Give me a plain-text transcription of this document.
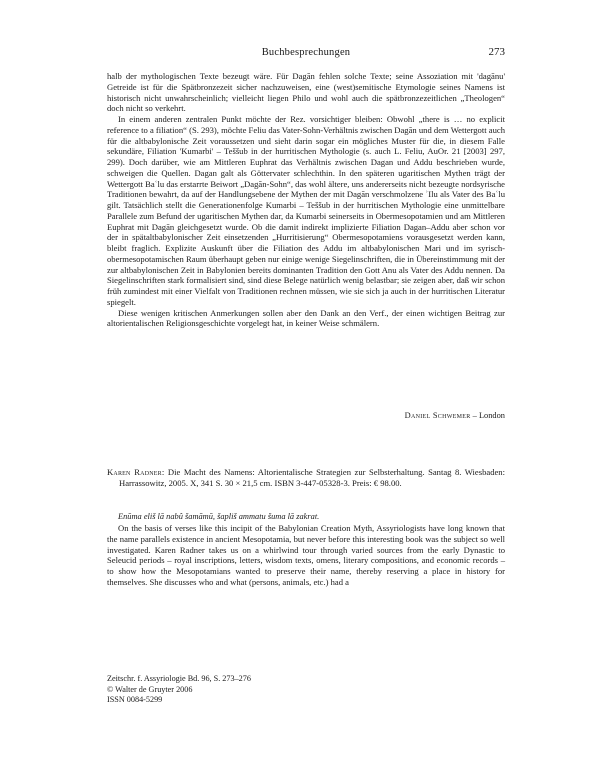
Buchbesprechungen	273

halb der mythologischen Texte bezeugt wäre. Für Dagān fehlen solche Texte; seine Assoziation mit 'dagānu' Getreide ist für die Spätbronzezeit sicher nachzuweisen, eine (west)semitische Etymologie seines Namens ist historisch nicht unwahrscheinlich; vielleicht liegen Philo und wohl auch die spätbronzezeitlichen „Theologen“ doch nicht so verkehrt.

In einem anderen zentralen Punkt möchte der Rez. vorsichtiger bleiben: Obwohl „there is … no explicit reference to a filiation“ (S. 293), möchte Feliu das Vater-Sohn-Verhältnis zwischen Dagān und dem Wettergott auch für die altbabylonische Zeit voraussetzen und sieht darin sogar ein mögliches Muster für die, in diesem Falle sekundäre, Filiation 'Kumarbi' – Teššub in der hurritischen Mythologie (s. auch L. Feliu, AuOr. 21 [2003] 297, 299). Doch darüber, wie am Mittleren Euphrat das Verhältnis zwischen Dagan und Addu beschrieben wurde, schweigen die Quellen. Dagan galt als Göttervater schlechthin. In den späteren ugaritischen Mythen trägt der Wettergott Baʿlu das erstarrte Beiwort „Dagān-Sohn“, das wohl ältere, uns andererseits nicht bezeugte nordsyrische Traditionen bewahrt, da auf der Handlungsebene der Mythen der mit Dagān verschmolzene ʾIlu als Vater des Baʿlu gilt. Tatsächlich stellt die Generationenfolge Kumarbi – Teššub in der hurritischen Mythologie eine unmittelbare Parallele zum Befund der ugaritischen Mythen dar, da Kumarbi seinerseits in Obermesopotamien und am Mittleren Euphrat mit Dagān gleichgesetzt wurde. Ob die damit indirekt implizierte Filiation Dagan–Addu aber schon vor der in spätaltbabylonischer Zeit einsetzenden „Hurritisierung“ Obermesopotamiens vorausgesetzt werden kann, bleibt fraglich. Explizite Auskunft über die Filiation des Addu im altbabylonischen Mari und im syrisch-obermesopotamischen Raum überhaupt geben nur einige wenige Siegelinschriften, die in Übereinstimmung mit der zur altbabylonischen Zeit in Babylonien bereits dominanten Tradition den Gott Anu als Vater des Addu nennen. Da Siegelinschriften stark formalisiert sind, sind diese Belege natürlich wenig belastbar; sie zeigen aber, daß wir schon früh zumindest mit einer Vielfalt von Traditionen rechnen müssen, wie sie sich ja auch in der hurritischen Literatur spiegelt.

Diese wenigen kritischen Anmerkungen sollen aber den Dank an den Verf., der einen wichtigen Beitrag zur altorientalischen Religionsgeschichte vorgelegt hat, in keiner Weise schmälern.

Daniel Schwemer – London
Karen Radner: Die Macht des Namens: Altorientalische Strategien zur Selbsterhaltung. Santag 8. Wiesbaden: Harrassowitz, 2005. X, 341 S. 30 × 21,5 cm. ISBN 3-447-05328-3. Preis: € 98.00.
Enūma eliš lā nabû šamāmū, šapliš ammatu šuma lā zakrat.

On the basis of verses like this incipit of the Babylonian Creation Myth, Assyriologists have long known that the name parallels existence in ancient Mesopotamia, but never before this interesting book was the subject so well investigated. Karen Radner takes us on a whirlwind tour through varied sources from the early Dynastic to Seleucid periods – royal inscriptions, letters, wisdom texts, omens, literary compositions, and economic records – to show how the Mesopotamians wanted to preserve their name, thereby reserving a place in history for themselves. She discusses who and what (persons, animals, etc.) had a

Zeitschr. f. Assyriologie Bd. 96, S. 273–276
© Walter de Gruyter 2006
ISSN 0084-5299
